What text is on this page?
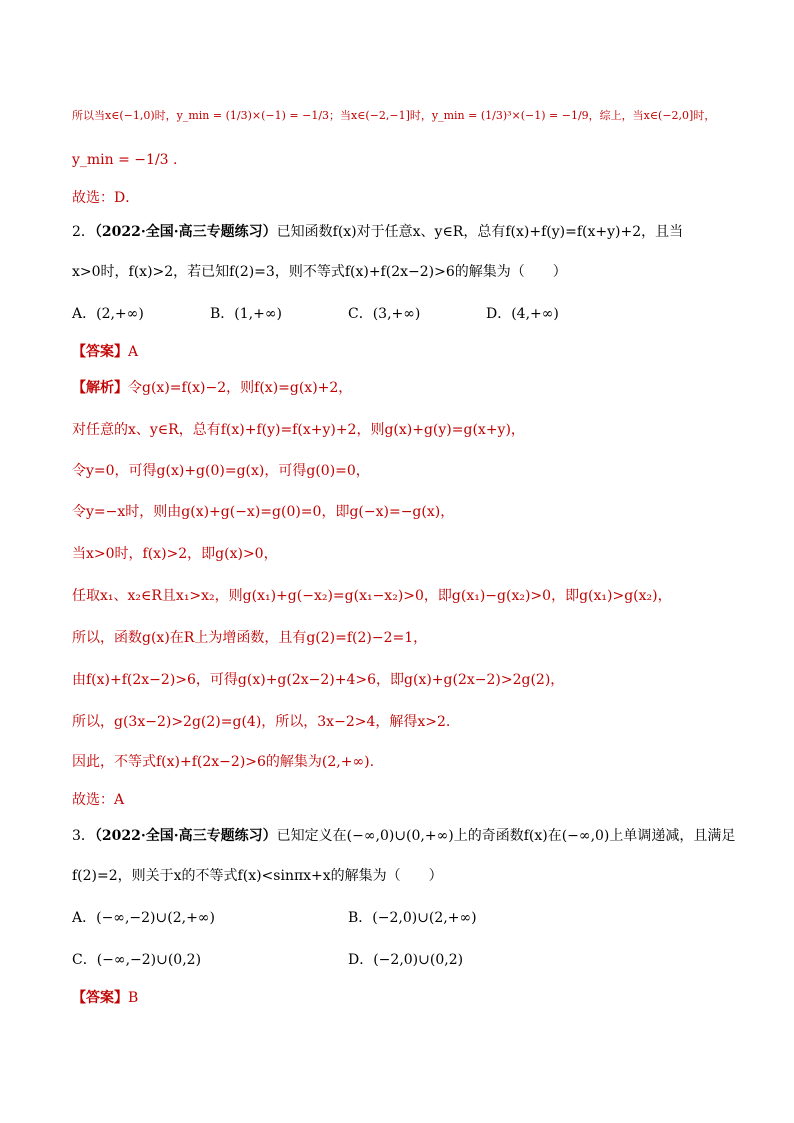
所以当x∈(−1,0)时，y_min = (1/3)×(−1) = −1/3；当x∈(−2,−1]时，y_min = (1/3)³×(−1) = −1/9，综上，当x∈(−2,0]时，
y_min = −1/3 .
故选：D．
2．（2022·全国·高三专题练习）已知函数f(x)对于任意x、y∈R，总有f(x)+f(y)=f(x+y)+2，且当
x>0时，f(x)>2，若已知f(2)=3，则不等式f(x)+f(2x−2)>6的解集为（　　）
A．(2,+∞)	B．(1,+∞)	C．(3,+∞)	D．(4,+∞)
【答案】A
【解析】令g(x)=f(x)−2，则f(x)=g(x)+2，
对任意的x、y∈R，总有f(x)+f(y)=f(x+y)+2，则g(x)+g(y)=g(x+y)，
令y=0，可得g(x)+g(0)=g(x)，可得g(0)=0，
令y=−x时，则由g(x)+g(−x)=g(0)=0，即g(−x)=−g(x)，
当x>0时，f(x)>2，即g(x)>0，
任取x₁、x₂∈R且x₁>x₂，则g(x₁)+g(−x₂)=g(x₁−x₂)>0，即g(x₁)−g(x₂)>0，即g(x₁)>g(x₂)，
所以，函数g(x)在R上为增函数，且有g(2)=f(2)−2=1，
由f(x)+f(2x−2)>6，可得g(x)+g(2x−2)+4>6，即g(x)+g(2x−2)>2g(2)，
所以，g(3x−2)>2g(2)=g(4)，所以，3x−2>4，解得x>2.
因此，不等式f(x)+f(2x−2)>6的解集为(2,+∞).
故选：A
3．（2022·全国·高三专题练习）已知定义在(−∞,0)∪(0,+∞)上的奇函数f(x)在(−∞,0)上单调递减，且满足
f(2)=2，则关于x的不等式f(x)<sinπx+x的解集为（　　）
A．(−∞,−2)∪(2,+∞)	B．(−2,0)∪(2,+∞)
C．(−∞,−2)∪(0,2)	D．(−2,0)∪(0,2)
【答案】B
